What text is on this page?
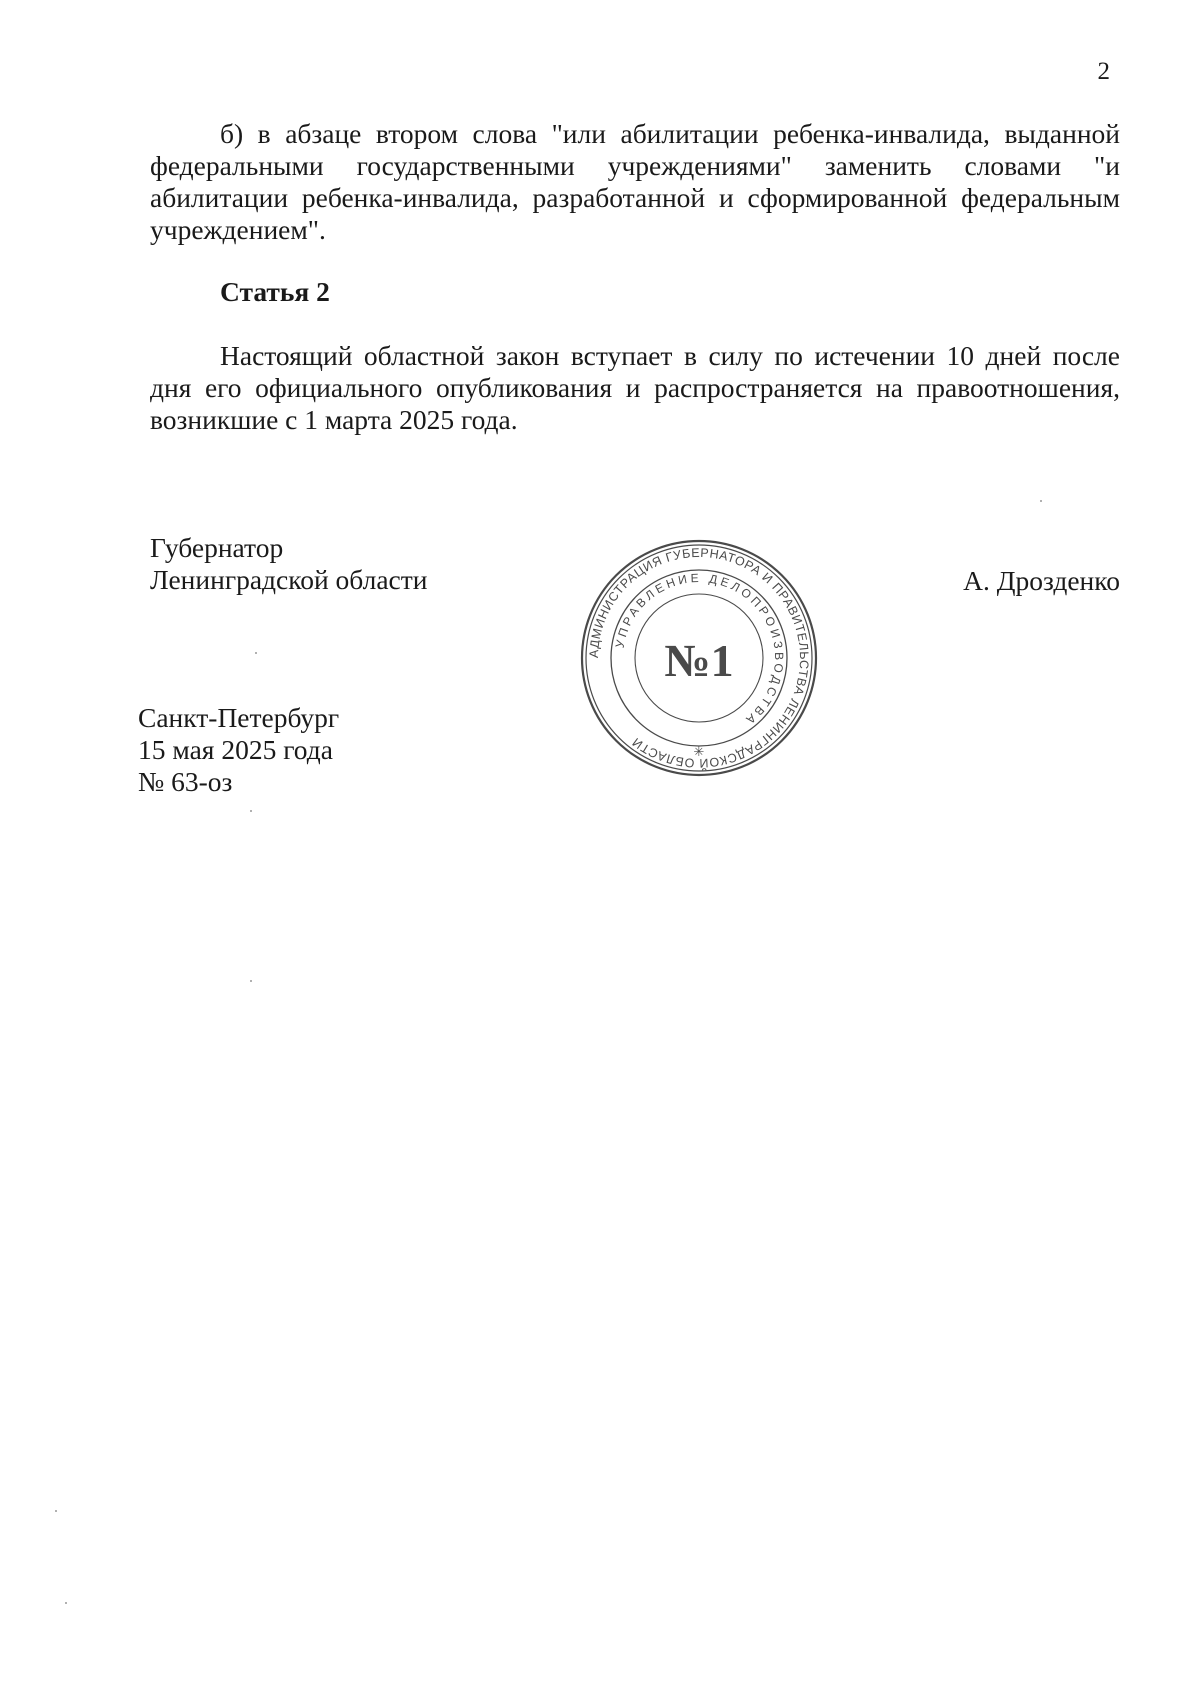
2
б) в абзаце втором слова "или абилитации ребенка-инвалида, выданной федеральными государственными учреждениями" заменить словами "и абилитации ребенка-инвалида, разработанной и сформированной федеральным учреждением".
Статья 2
Настоящий областной закон вступает в силу по истечении 10 дней после дня его официального опубликования и распространяется на правоотношения, возникшие с 1 марта 2025 года.
Губернатор
Ленинградской области	А. Дрозденко
АДМИНИСТРАЦИЯ ГУБЕРНАТОРА И ПРАВИТЕЛЬСТВА ЛЕНИНГРАДСКОЙ ОБЛАСТИ
УПРАВЛЕНИЕ ДЕЛОПРОИЗВОДСТВА
№1
✳
Санкт-Петербург
15 мая 2025 года
№ 63-оз
